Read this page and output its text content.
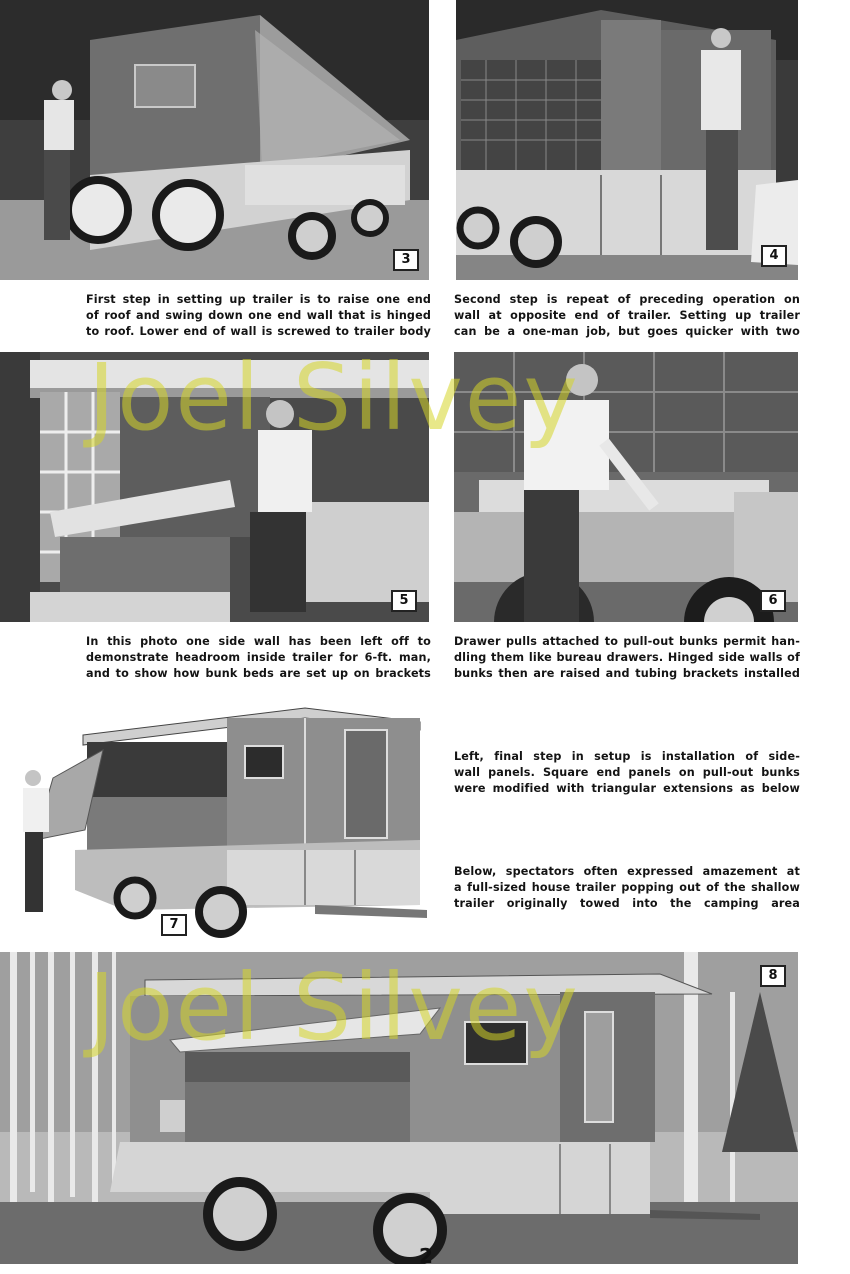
3	4
First step in setting up trailer is to raise one end
of roof and swing down one end wall that is hinged
to roof. Lower end of wall is screwed to trailer body
Second step is repeat of preceding operation on
wall at opposite end of trailer. Setting up trailer
can be a one-man job, but goes quicker with two
5	6
In this photo one side wall has been left off to
demonstrate headroom inside trailer for 6-ft. man,
and to show how bunk beds are set up on brackets
Drawer pulls attached to pull-out bunks permit han-
dling them like bureau drawers. Hinged side walls of
bunks then are raised and tubing brackets installed
7
Left, final step in setup is installation of side-
wall panels. Square end panels on pull-out bunks
were modified with triangular extensions as below
Below, spectators often expressed amazement at
a full-sized house trailer popping out of the shallow
trailer originally towed into the camping area
8
Joel Silvey
Joel Silvey
2
